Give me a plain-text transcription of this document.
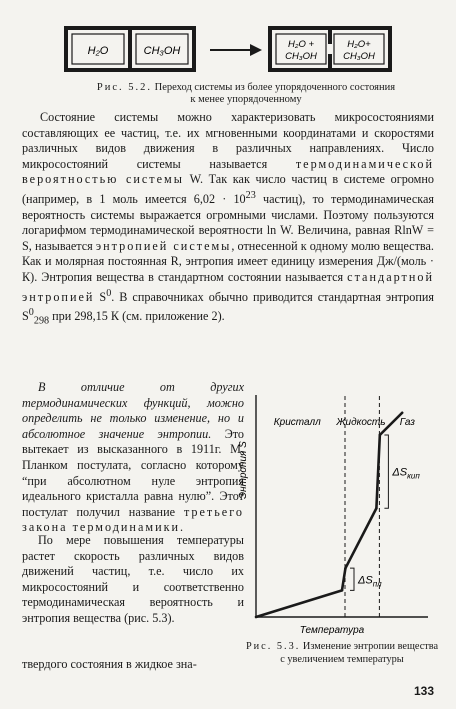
H₂O	CH₃OH
H₂O +
CH₃OH
H₂O+
CH₃OH
Рис. 5.2. Переход системы из более упорядоченного состояния к менее упорядоченному

Состояние системы можно характеризовать микросостояниями составляющих ее частиц, т.е. их мгновенными координатами и скоростями различных видов движения в различных направлениях. Число микросостояний системы называется термодинамической вероятностью системы W. Так как число частиц в системе огромно (например, в 1 моль имеется $6,02 \cdot 10^{23}$ частиц), то термодинамическая вероятность системы выражается огромными числами. Поэтому пользуются логарифмом термодинамической вероятности ln W. Величина, равная RlnW = S, называется энтропией системы, отнесенной к одному молю вещества. Как и молярная постоянная R, энтропия имеет единицу измерения Дж/(моль · К). Энтропия вещества в стандартном состоянии называется стандартной энтропией $S^0$. В справочниках обычно приводится стандартная энтропия $S^0_{298}$ при 298,15 К (см. приложение 2).

В отличие от других термодинамических функций, можно определить не только изменение, но и абсолютное значение энтропии. Это вытекает из высказанного в 1911г. М. Планком постулата, согласно которому “при абсолютном нуле энтропия идеального кристалла равна нулю”. Этот постулат получил название третьего закона термодинамики.

По мере повышения температуры растет скорость различных видов движений частиц, т.е. число их микросостояний и соответственно термодинамическая вероятность и энтропия вещества (рис. 5.3).

твердого состояния в жидкое зна-

Температура
Энтропия S
Кристалл Жидкость Газ
$\Delta S_{пл}$
$\Delta S_{кип}$
Рис. 5.3. Изменение энтропии вещества с увеличением температуры
133
